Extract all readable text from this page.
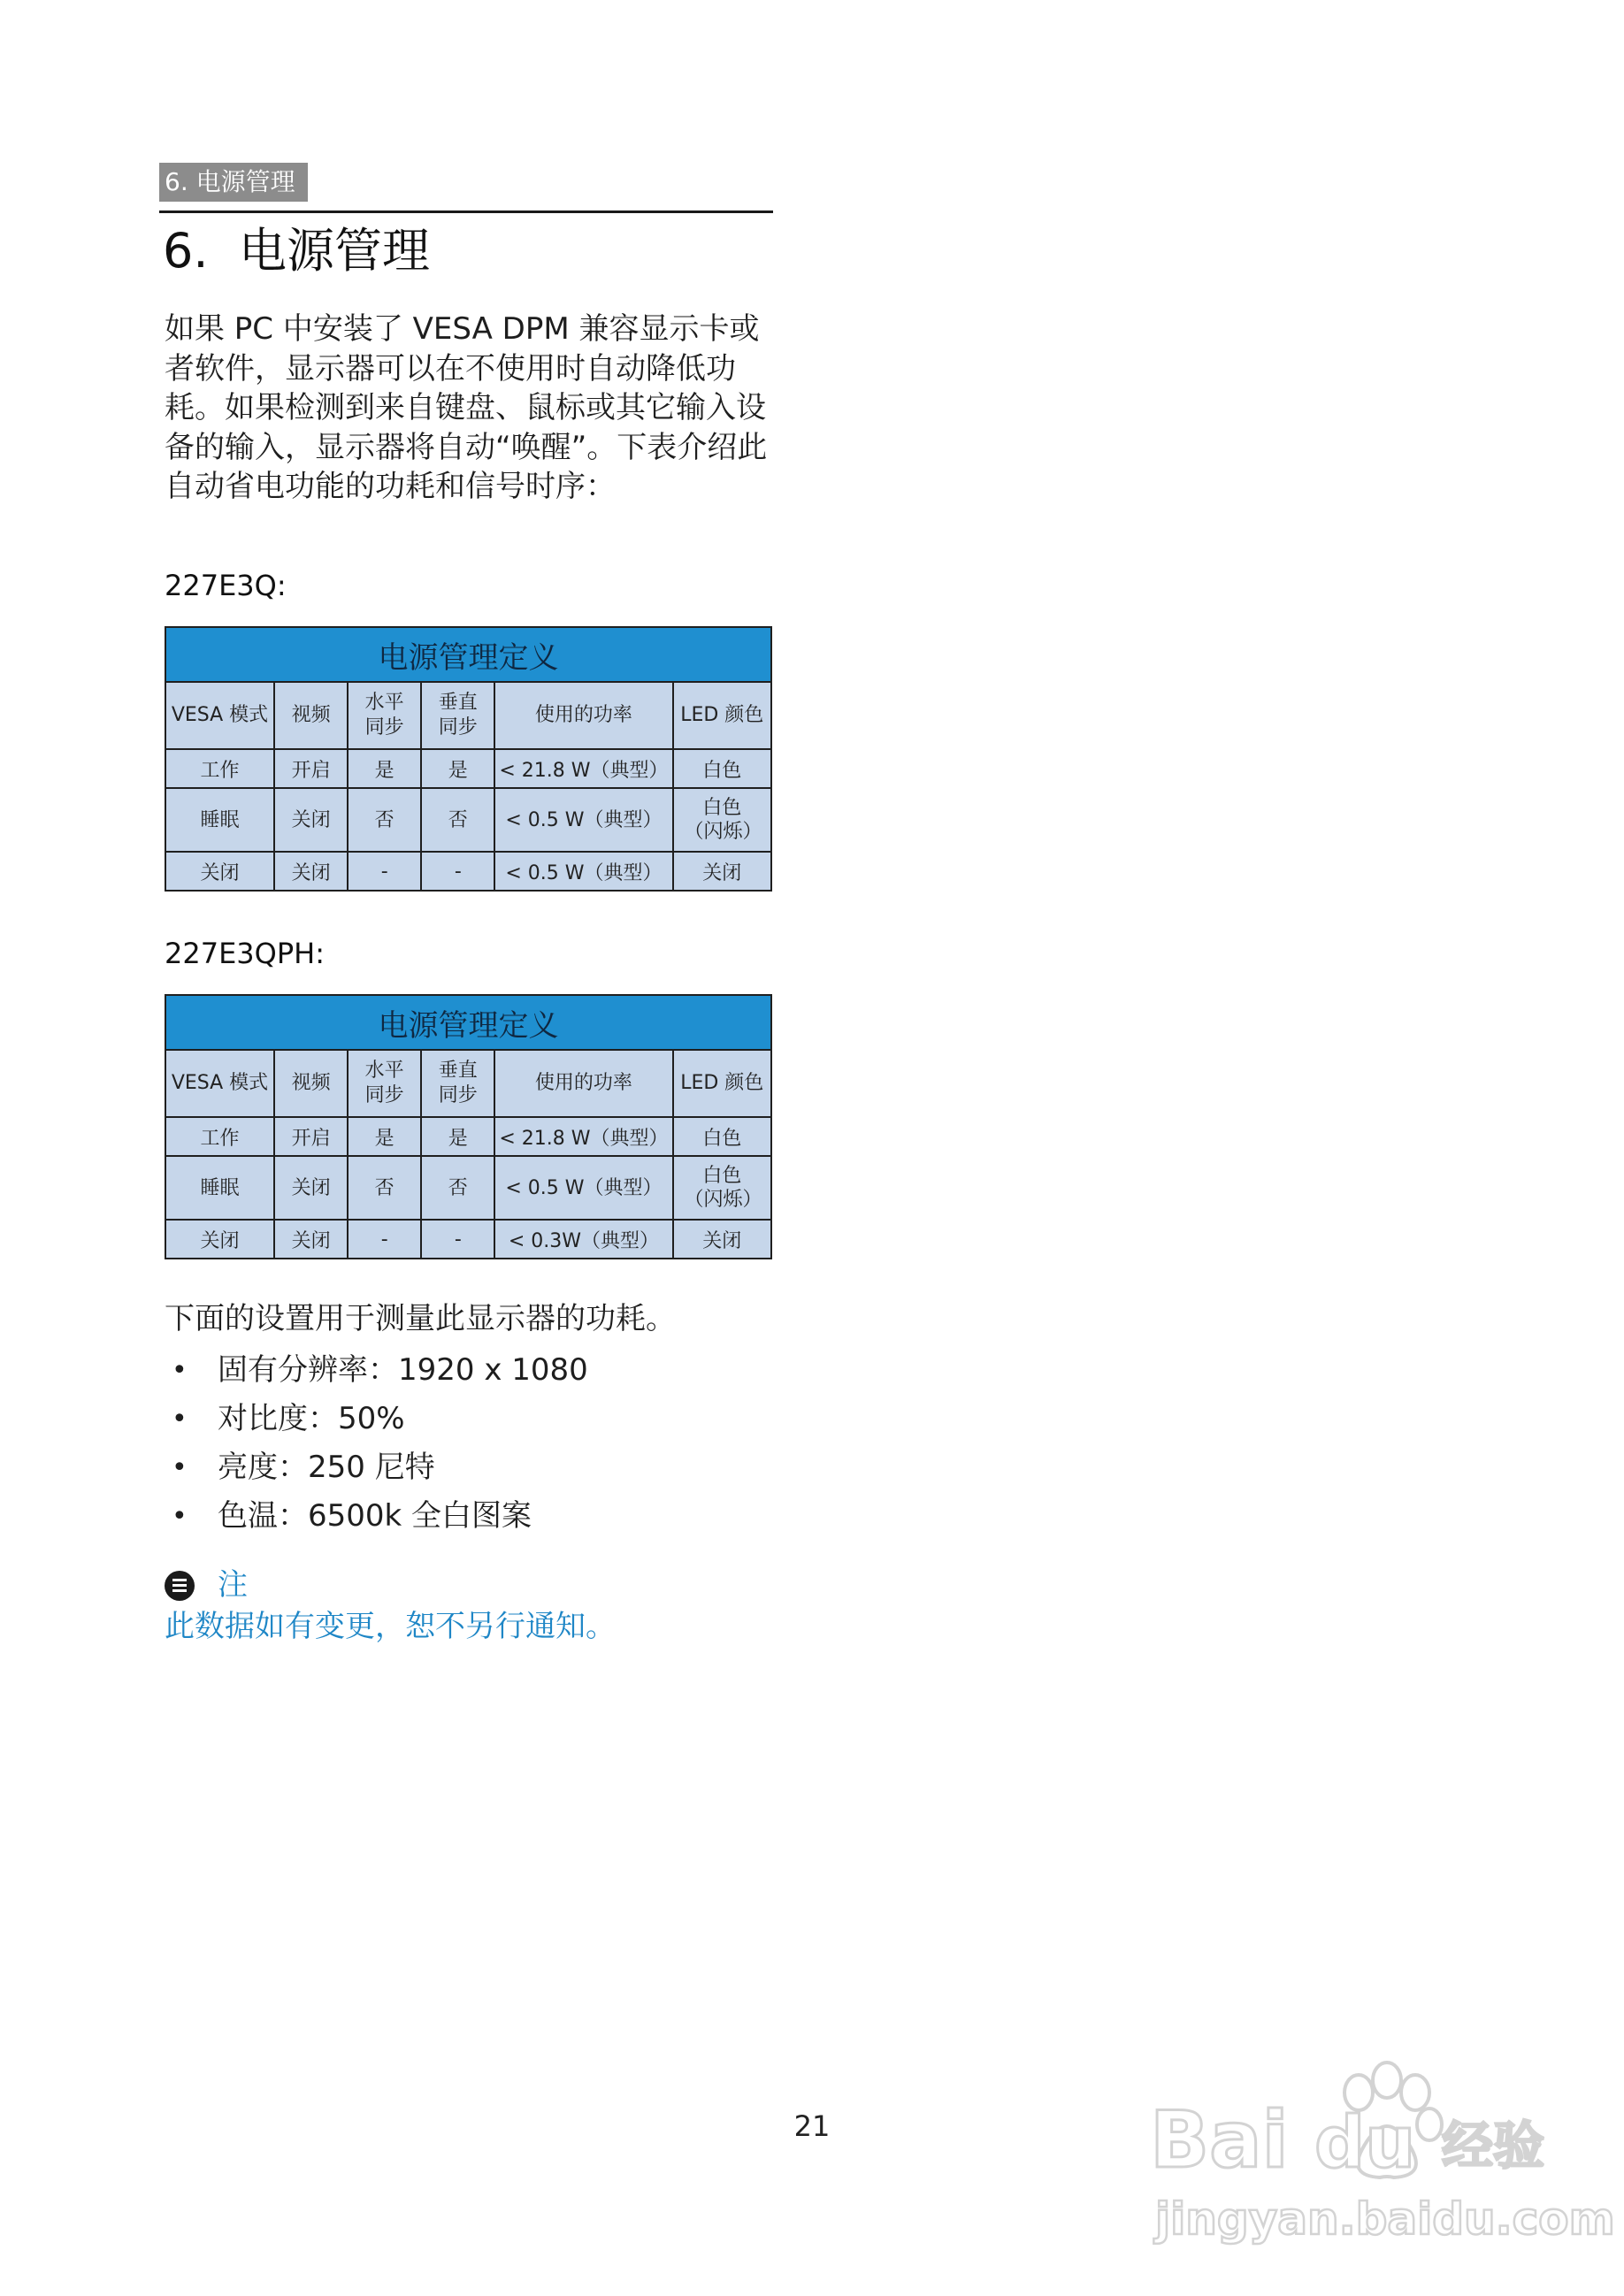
6. 电源管理
6. 电源管理
如果 PC 中安装了 VESA DPM 兼容显示卡或者软件，显示器可以在不使用时自动降低功耗。如果检测到来自键盘、鼠标或其它输入设备的输入，显示器将自动“唤醒”。下表介绍此自动省电功能的功耗和信号时序：
227E3Q:
电源管理定义					
VESA 模式	视频	水平同步	垂直同步	使用的功率	LED 颜色
工作	开启	是	是	< 21.8 W（典型）	白色
睡眠	关闭	否	否	< 0.5 W（典型）	白色（闪烁）
关闭	关闭	-	-	< 0.5 W（典型）	关闭
227E3QPH:
电源管理定义					
VESA 模式	视频	水平同步	垂直同步	使用的功率	LED 颜色
工作	开启	是	是	< 21.8 W（典型）	白色
睡眠	关闭	否	否	< 0.5 W（典型）	白色（闪烁）
关闭	关闭	-	-	< 0.3W（典型）	关闭
下面的设置用于测量此显示器的功耗。
• 固有分辨率：1920 x 1080
• 对比度：50%
• 亮度：250 尼特
• 色温：6500k 全白图案
注
此数据如有变更，恕不另行通知。
21	Bai du 经验
jingyan.baidu.com
